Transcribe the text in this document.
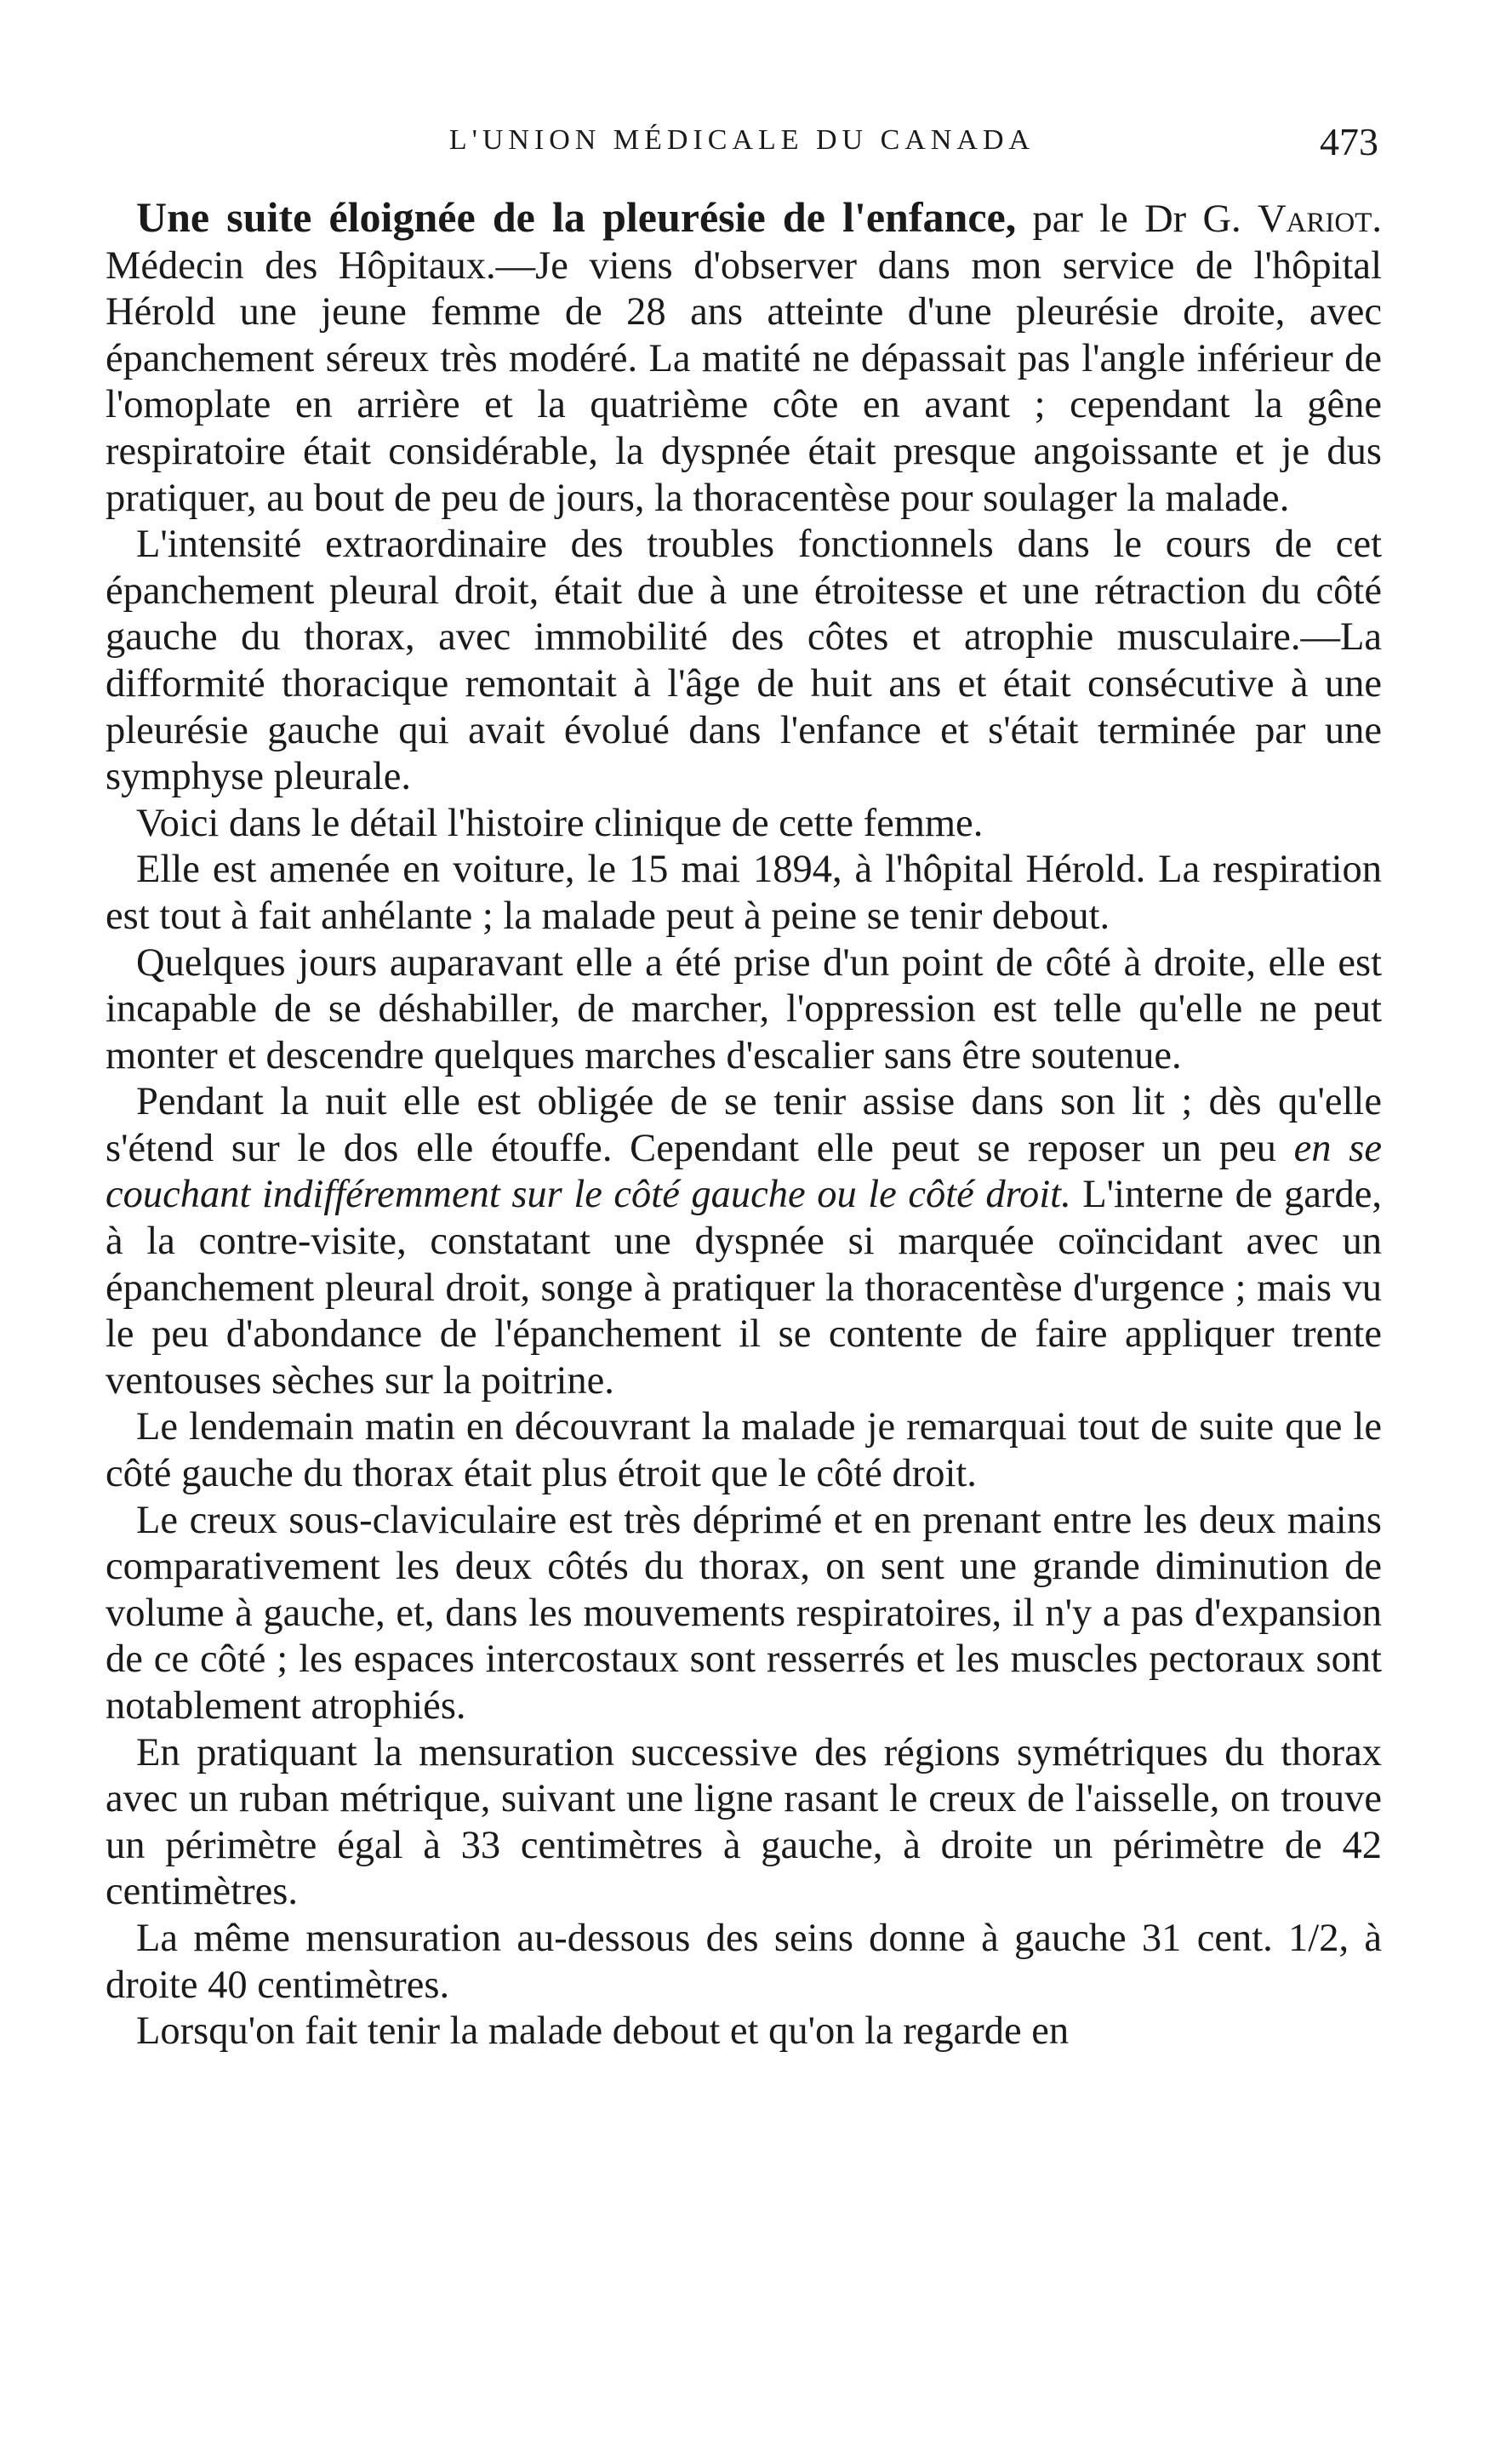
L'UNION MÉDICALE DU CANADA	473

Une suite éloignée de la pleurésie de l'enfance, par le Dr G. Variot. Médecin des Hôpitaux.—Je viens d'observer dans mon service de l'hôpital Hérold une jeune femme de 28 ans atteinte d'une pleurésie droite, avec épanchement séreux très modéré. La matité ne dépassait pas l'angle inférieur de l'omoplate en arrière et la quatrième côte en avant ; cependant la gêne respiratoire était considérable, la dyspnée était presque angoissante et je dus pratiquer, au bout de peu de jours, la thoracentèse pour soulager la malade.

L'intensité extraordinaire des troubles fonctionnels dans le cours de cet épanchement pleural droit, était due à une étroitesse et une rétraction du côté gauche du thorax, avec immobilité des côtes et atrophie musculaire.—La difformité thoracique remontait à l'âge de huit ans et était consécutive à une pleurésie gauche qui avait évolué dans l'enfance et s'était terminée par une symphyse pleurale.

Voici dans le détail l'histoire clinique de cette femme.

Elle est amenée en voiture, le 15 mai 1894, à l'hôpital Hérold. La respiration est tout à fait anhélante ; la malade peut à peine se tenir debout.

Quelques jours auparavant elle a été prise d'un point de côté à droite, elle est incapable de se déshabiller, de marcher, l'oppression est telle qu'elle ne peut monter et descendre quelques marches d'escalier sans être soutenue.

Pendant la nuit elle est obligée de se tenir assise dans son lit ; dès qu'elle s'étend sur le dos elle étouffe. Cependant elle peut se reposer un peu en se couchant indifféremment sur le côté gauche ou le côté droit. L'interne de garde, à la contre-visite, constatant une dyspnée si marquée coïncidant avec un épanchement pleural droit, songe à pratiquer la thoracentèse d'urgence ; mais vu le peu d'abondance de l'épanchement il se contente de faire appliquer trente ventouses sèches sur la poitrine.

Le lendemain matin en découvrant la malade je remarquai tout de suite que le côté gauche du thorax était plus étroit que le côté droit.

Le creux sous-claviculaire est très déprimé et en prenant entre les deux mains comparativement les deux côtés du thorax, on sent une grande diminution de volume à gauche, et, dans les mouvements respiratoires, il n'y a pas d'expansion de ce côté ; les espaces intercostaux sont resserrés et les muscles pectoraux sont notablement atrophiés.

En pratiquant la mensuration successive des régions symétriques du thorax avec un ruban métrique, suivant une ligne rasant le creux de l'aisselle, on trouve un périmètre égal à 33 centimètres à gauche, à droite un périmètre de 42 centimètres.

La même mensuration au-dessous des seins donne à gauche 31 cent. 1/2, à droite 40 centimètres.

Lorsqu'on fait tenir la malade debout et qu'on la regarde en
